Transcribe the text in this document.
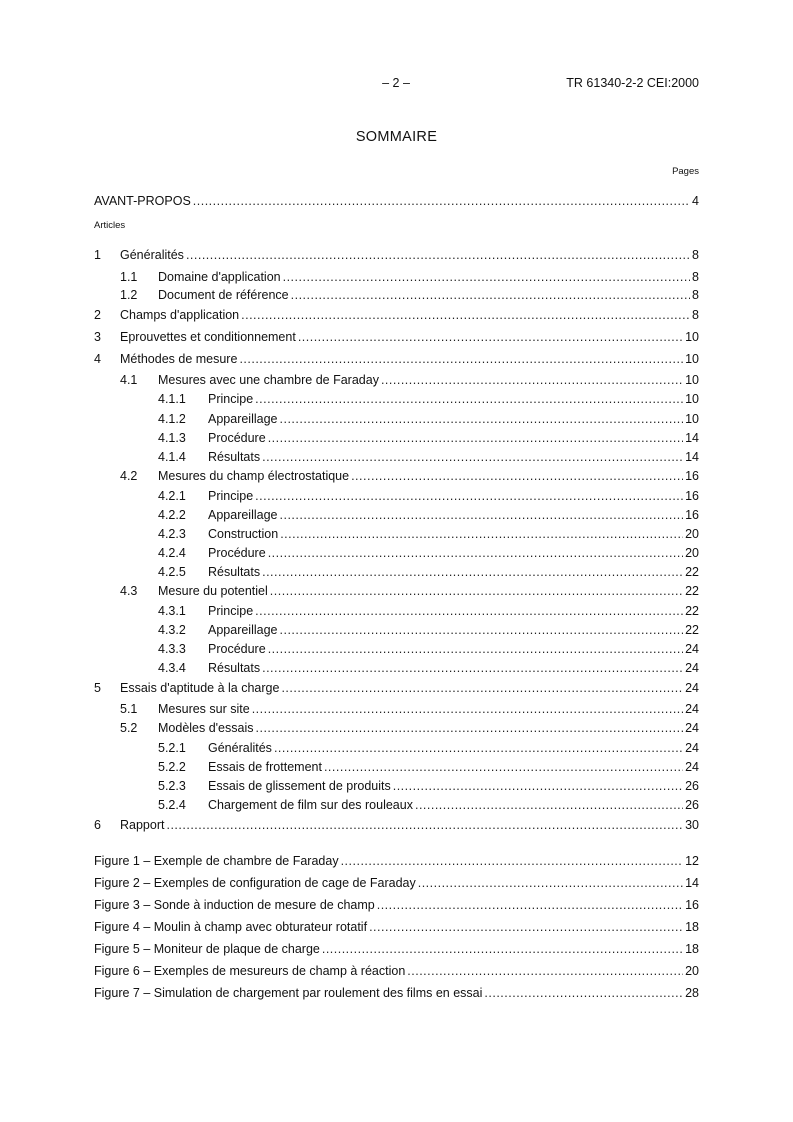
– 2 –	TR 61340-2-2 CEI:2000
SOMMAIRE
Pages
Articles
AVANT-PROPOS .....	4
1	Généralités .....	8
1.1	Domaine d'application .....	8
1.2	Document de référence .....	8
2	Champs d'application .....	8
3	Eprouvettes et conditionnement .....	10
4	Méthodes de mesure .....	10
4.1	Mesures avec une chambre de Faraday .....	10
4.1.1	Principe .....	10
4.1.2	Appareillage .....	10
4.1.3	Procédure .....	14
4.1.4	Résultats .....	14
4.2	Mesures du champ électrostatique .....	16
4.2.1	Principe .....	16
4.2.2	Appareillage .....	16
4.2.3	Construction .....	20
4.2.4	Procédure .....	20
4.2.5	Résultats .....	22
4.3	Mesure du potentiel .....	22
4.3.1	Principe .....	22
4.3.2	Appareillage .....	22
4.3.3	Procédure .....	24
4.3.4	Résultats .....	24
5	Essais d'aptitude à la charge .....	24
5.1	Mesures sur site .....	24
5.2	Modèles d'essais .....	24
5.2.1	Généralités .....	24
5.2.2	Essais de frottement .....	24
5.2.3	Essais de glissement de produits .....	26
5.2.4	Chargement de film sur des rouleaux .....	26
6	Rapport .....	30
Figure 1 – Exemple de chambre de Faraday .....	12
Figure 2 – Exemples de configuration de cage de Faraday .....	14
Figure 3 – Sonde à induction de mesure de champ .....	16
Figure 4 – Moulin à champ avec obturateur rotatif .....	18
Figure 5 – Moniteur de plaque de charge .....	18
Figure 6 – Exemples de mesureurs de champ à réaction .....	20
Figure 7 – Simulation de chargement par roulement des films en essai .....	28
